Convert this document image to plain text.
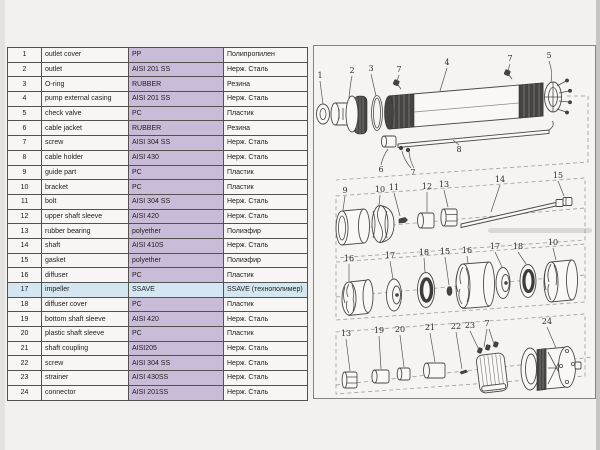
1	outlet cover	PP	Полипропилен
2	outlet	AISI 201 SS	Нерж. Сталь
3	O-ring	RUBBER	Резина
4	pump external casing	AISI 201 SS	Нерж. Сталь
5	check valve	PC	Пластик
6	cable jacket	RUBBER	Резина
7	screw	AISI 304 SS	Нерж. Сталь
8	cable holder	AISI 430	Нерж. Сталь
9	guide part	PC	Пластик
10	bracket	PC	Пластик
11	bolt	AISI 304 SS	Нерж. Сталь
12	upper shaft sleeve	AISI 420	Нерж. Сталь
13	rubber bearing	polyether	Полиэфир
14	shaft	AISI 410S	Нерж. Сталь
15	gasket	polyether	Полиэфир
16	diffuser	PC	Пластик
17	impeller	SSAVE	SSAVE (технополимер)
18	diffuser cover	PC	Пластик
19	bottom shaft sleeve	AISI 420	Нерж. Сталь
20	plastic shaft sleeve	PC	Пластик
21	shaft coupling	AISI205	Нерж. Сталь
22	screw	AISI 304 SS	Нерж. Сталь
23	strainer	AISI 430SS	Нерж. Сталь
24	connector	AISI 201SS	Нерж. Сталь
1
2 3	7
4	7	5
6	7
8
9	10 11	12 13
14	15
16	17	18 15 16 17 18	10
13	19 20 21 22 23 7	24
